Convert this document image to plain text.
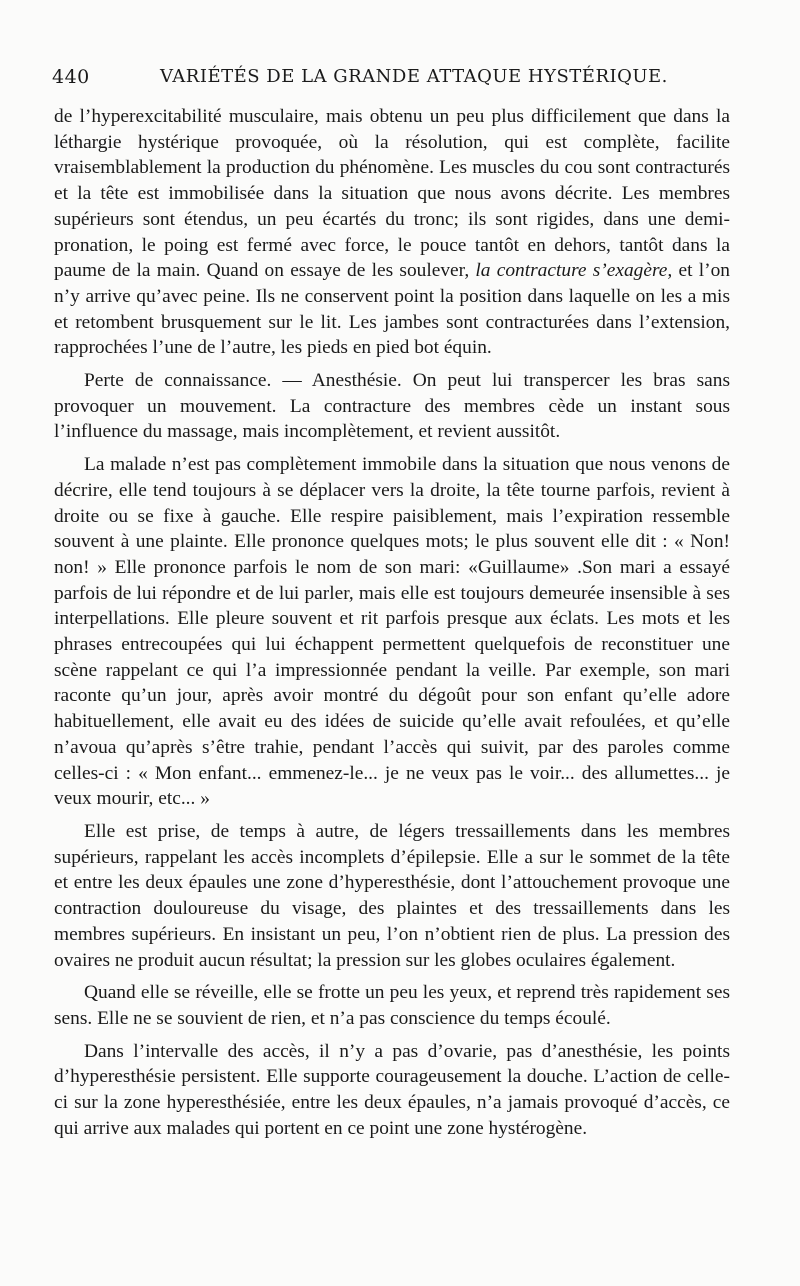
440	VARIÉTÉS DE LA GRANDE ATTAQUE HYSTÉRIQUE.

de l’hyperexcitabilité musculaire, mais obtenu un peu plus difficilement que dans la léthargie hystérique provoquée, où la résolution, qui est complète, facilite vraisemblablement la production du phénomène. Les muscles du cou sont contracturés et la tête est immobilisée dans la situation que nous avons décrite. Les membres supérieurs sont étendus, un peu écartés du tronc; ils sont rigides, dans une demi-pronation, le poing est fermé avec force, le pouce tantôt en dehors, tantôt dans la paume de la main. Quand on essaye de les soulever, la contracture s’exagère, et l’on n’y arrive qu’avec peine. Ils ne conservent point la position dans laquelle on les a mis et retombent brusquement sur le lit. Les jambes sont contracturées dans l’extension, rapprochées l’une de l’autre, les pieds en pied bot équin.

Perte de connaissance. — Anesthésie. On peut lui transpercer les bras sans provoquer un mouvement. La contracture des membres cède un instant sous l’influence du massage, mais incomplètement, et revient aussitôt.

La malade n’est pas complètement immobile dans la situation que nous venons de décrire, elle tend toujours à se déplacer vers la droite, la tête tourne parfois, revient à droite ou se fixe à gauche. Elle respire paisiblement, mais l’expiration ressemble souvent à une plainte. Elle prononce quelques mots; le plus souvent elle dit : « Non! non! » Elle prononce parfois le nom de son mari: «Guillaume» .Son mari a essayé parfois de lui répondre et de lui parler, mais elle est toujours demeurée insensible à ses interpellations. Elle pleure souvent et rit parfois presque aux éclats. Les mots et les phrases entrecoupées qui lui échappent permettent quelquefois de reconstituer une scène rappelant ce qui l’a impressionnée pendant la veille. Par exemple, son mari raconte qu’un jour, après avoir montré du dégoût pour son enfant qu’elle adore habituellement, elle avait eu des idées de suicide qu’elle avait refoulées, et qu’elle n’avoua qu’après s’être trahie, pendant l’accès qui suivit, par des paroles comme celles-ci : « Mon enfant... emmenez-le... je ne veux pas le voir... des allumettes... je veux mourir, etc... »

Elle est prise, de temps à autre, de légers tressaillements dans les membres supérieurs, rappelant les accès incomplets d’épilepsie. Elle a sur le sommet de la tête et entre les deux épaules une zone d’hyperesthésie, dont l’attouchement provoque une contraction douloureuse du visage, des plaintes et des tressaillements dans les membres supérieurs. En insistant un peu, l’on n’obtient rien de plus. La pression des ovaires ne produit aucun résultat; la pression sur les globes oculaires également.

Quand elle se réveille, elle se frotte un peu les yeux, et reprend très rapidement ses sens. Elle ne se souvient de rien, et n’a pas conscience du temps écoulé.

Dans l’intervalle des accès, il n’y a pas d’ovarie, pas d’anesthésie, les points d’hyperesthésie persistent. Elle supporte courageusement la douche. L’action de celle-ci sur la zone hyperesthésiée, entre les deux épaules, n’a jamais provoqué d’accès, ce qui arrive aux malades qui portent en ce point une zone hystérogène.
